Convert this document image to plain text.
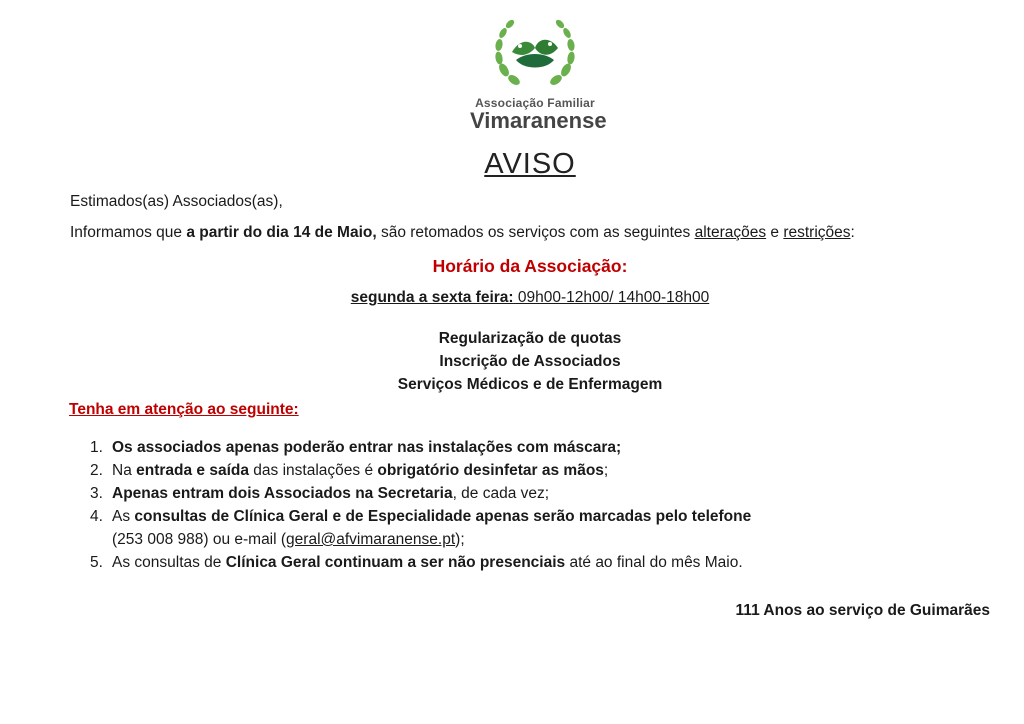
Associação Familiar
Vimaranense
AVISO
Estimados(as) Associados(as),
Informamos que a partir do dia 14 de Maio, são retomados os serviços com as seguintes alterações e restrições:
Horário da Associação:
segunda a sexta feira: 09h00-12h00/ 14h00-18h00
Regularização de quotas
Inscrição de Associados
Serviços Médicos e de Enfermagem
Tenha em atenção ao seguinte:
1. Os associados apenas poderão entrar nas instalações com máscara;
2. Na entrada e saída das instalações é obrigatório desinfetar as mãos;
3. Apenas entram dois Associados na Secretaria, de cada vez;
4. As consultas de Clínica Geral e de Especialidade apenas serão marcadas pelo telefone
(253 008 988) ou e-mail (geral@afvimaranense.pt);
5. As consultas de Clínica Geral continuam a ser não presenciais até ao final do mês Maio.
111 Anos ao serviço de Guimarães
